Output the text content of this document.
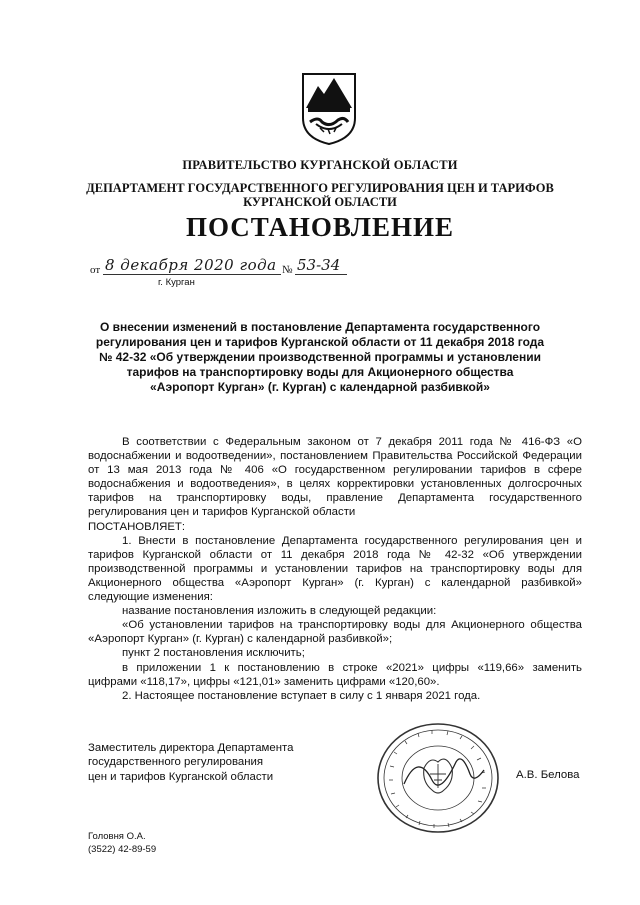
ПРАВИТЕЛЬСТВО КУРГАНСКОЙ ОБЛАСТИ
ДЕПАРТАМЕНТ ГОСУДАРСТВЕННОГО РЕГУЛИРОВАНИЯ ЦЕН И ТАРИФОВ
КУРГАНСКОЙ ОБЛАСТИ
ПОСТАНОВЛЕНИЕ
от 8 декабря 2020 года № 53-34
г. Курган
О внесении изменений в постановление Департамента государственного
регулирования цен и тарифов Курганской области от 11 декабря 2018 года
№ 42-32 «Об утверждении производственной программы и установлении
тарифов на транспортировку воды для Акционерного общества
«Аэропорт Курган» (г. Курган) с календарной разбивкой»

В соответствии с Федеральным законом от 7 декабря 2011 года № 416-ФЗ «О водоснабжении и водоотведении», постановлением Правительства Российской Федерации от 13 мая 2013 года № 406 «О государственном регулировании тарифов в сфере водоснабжения и водоотведения», в целях корректировки установленных долгосрочных тарифов на транспортировку воды, правление Департамента государственного регулирования цен и тарифов Курганской области

ПОСТАНОВЛЯЕТ:

1. Внести в постановление Департамента государственного регулирования цен и тарифов Курганской области от 11 декабря 2018 года № 42-32 «Об утверждении производственной программы и установлении тарифов на транспортировку воды для Акционерного общества «Аэропорт Курган» (г. Курган) с календарной разбивкой» следующие изменения:

название постановления изложить в следующей редакции:

«Об установлении тарифов на транспортировку воды для Акционерного общества «Аэропорт Курган» (г. Курган) с календарной разбивкой»;

пункт 2 постановления исключить;

в приложении 1 к постановлению в строке «2021» цифры «119,66» заменить цифрами «118,17», цифры «121,01» заменить цифрами «120,60».

2. Настоящее постановление вступает в силу с 1 января 2021 года.

Заместитель директора Департамента
государственного регулирования
цен и тарифов Курганской области	А.В. Белова
Головня О.А.
(3522) 42-89-59
